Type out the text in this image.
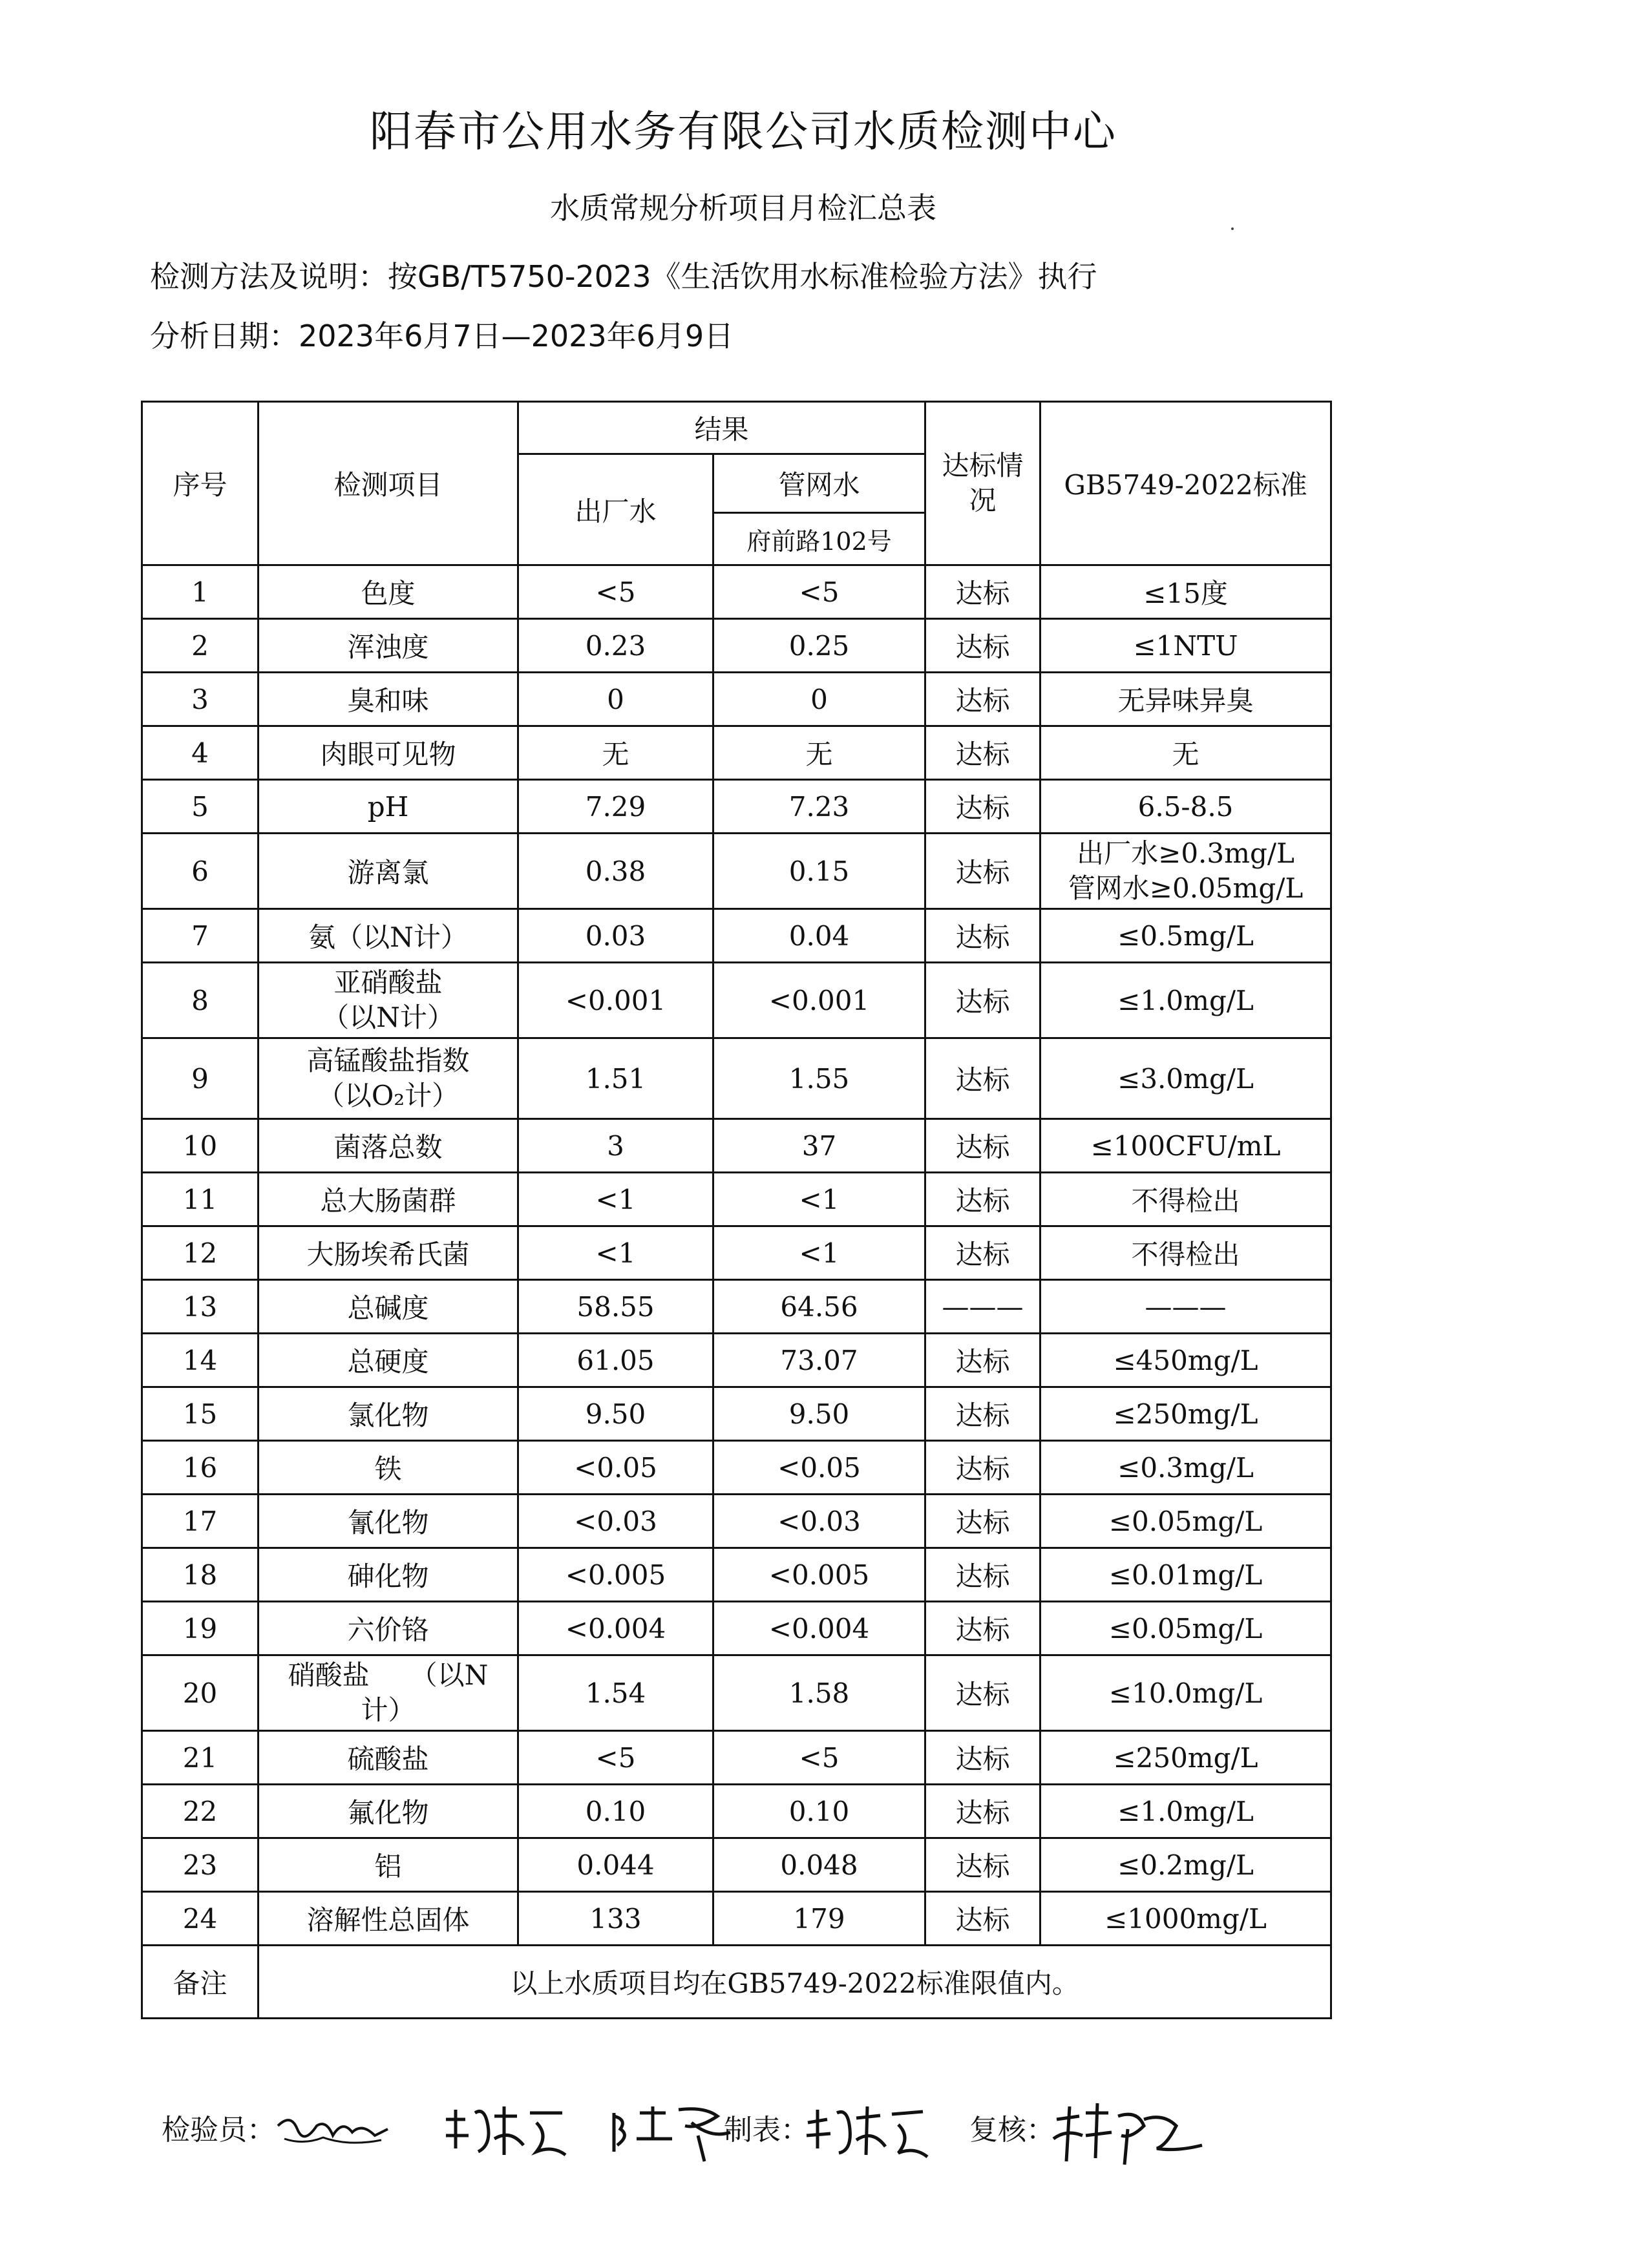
阳春市公用水务有限公司水质检测中心
水质常规分析项目月检汇总表
检测方法及说明：按GB/T5750-2023《生活饮用水标准检验方法》执行
分析日期：2023年6月7日—2023年6月9日
序号	检测项目	结果		达标情况	GB5749-2022标准
		出厂水	管网水		
			府前路102号		
1	色度	<5	<5	达标	≤15度
2	浑浊度	0.23	0.25	达标	≤1NTU
3	臭和味	0	0	达标	无异味异臭
4	肉眼可见物	无	无	达标	无
5	pH	7.29	7.23	达标	6.5-8.5
6	游离氯	0.38	0.15	达标	出厂水≥0.3mg/L
管网水≥0.05mg/L
7	氨（以N计）	0.03	0.04	达标	≤0.5mg/L
8	亚硝酸盐
（以N计）	<0.001	<0.001	达标	≤1.0mg/L
9	高锰酸盐指数
（以O₂计）	1.51	1.55	达标	≤3.0mg/L
10	菌落总数	3	37	达标	≤100CFU/mL
11	总大肠菌群	<1	<1	达标	不得检出
12	大肠埃希氏菌	<1	<1	达标	不得检出
13	总碱度	58.55	64.56	———	———
14	总硬度	61.05	73.07	达标	≤450mg/L
15	氯化物	9.50	9.50	达标	≤250mg/L
16	铁	<0.05	<0.05	达标	≤0.3mg/L
17	氰化物	<0.03	<0.03	达标	≤0.05mg/L
18	砷化物	<0.005	<0.005	达标	≤0.01mg/L
19	六价铬	<0.004	<0.004	达标	≤0.05mg/L
20	硝酸盐　　（以N
计）	1.54	1.58	达标	≤10.0mg/L
21	硫酸盐	<5	<5	达标	≤250mg/L
22	氟化物	0.10	0.10	达标	≤1.0mg/L
23	铝	0.044	0.048	达标	≤0.2mg/L
24	溶解性总固体	133	179	达标	≤1000mg/L
备注	以上水质项目均在GB5749-2022标准限值内。				
检验员：	制表：	复核：
